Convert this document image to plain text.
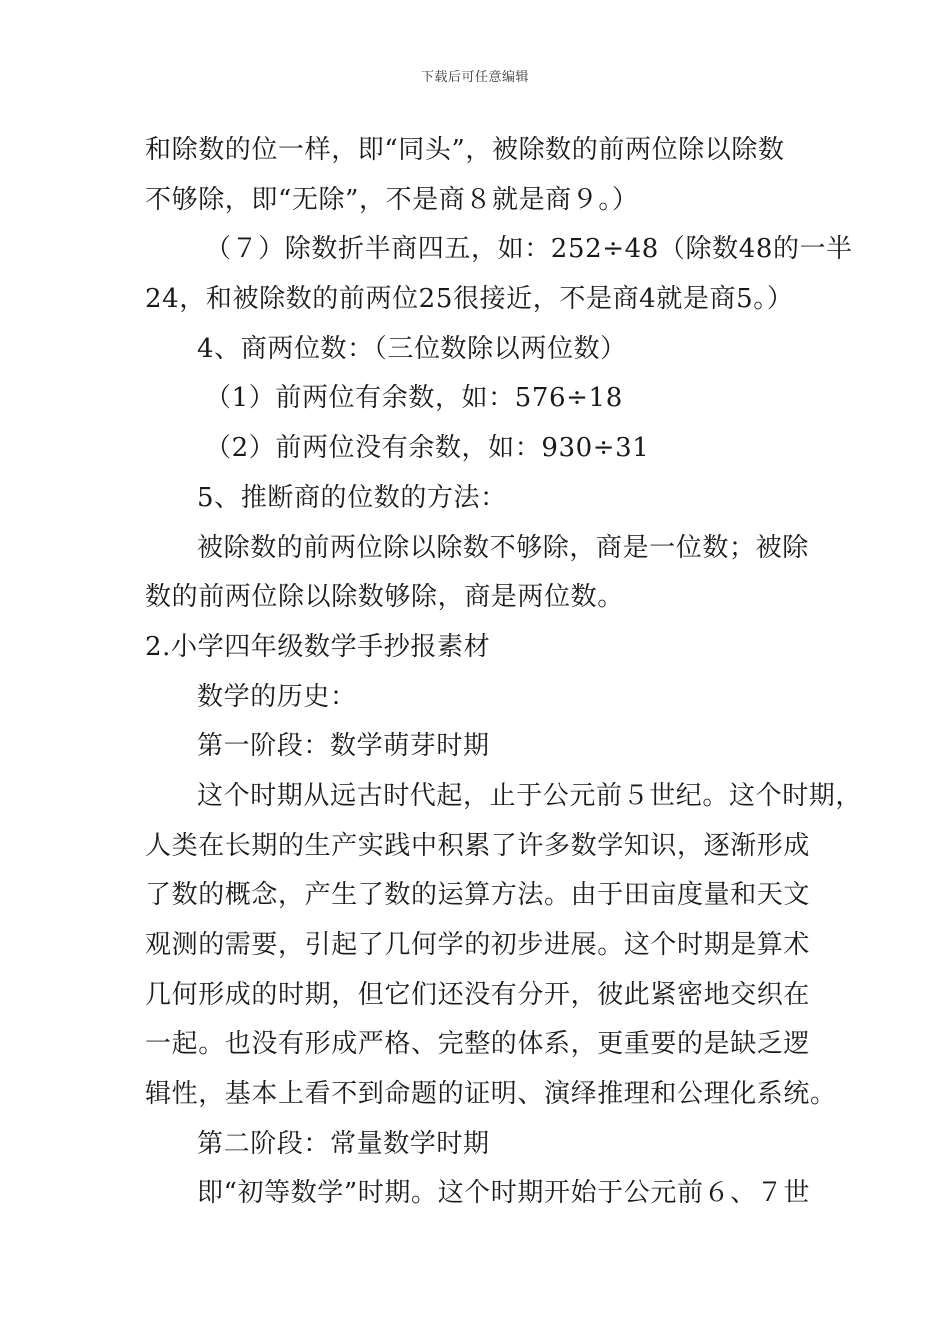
下载后可任意编辑
和除数的位一样，即“同头”，被除数的前两位除以除数
不够除，即“无除”，不是商８就是商９。）
（７）除数折半商四五，如：252÷48（除数48的一半
24，和被除数的前两位25很接近，不是商4就是商5。）
4、商两位数：（三位数除以两位数）
（1）前两位有余数，如：576÷18
（2）前两位没有余数，如：930÷31
5、推断商的位数的方法：
被除数的前两位除以除数不够除，商是一位数；被除
数的前两位除以除数够除，商是两位数。
2.小学四年级数学手抄报素材
数学的历史：
第一阶段：数学萌芽时期
这个时期从远古时代起，止于公元前５世纪。这个时期，
人类在长期的生产实践中积累了许多数学知识，逐渐形成
了数的概念，产生了数的运算方法。由于田亩度量和天文
观测的需要，引起了几何学的初步进展。这个时期是算术
几何形成的时期，但它们还没有分开，彼此紧密地交织在
一起。也没有形成严格、完整的体系，更重要的是缺乏逻
辑性，基本上看不到命题的证明、演绎推理和公理化系统。
第二阶段：常量数学时期
即“初等数学”时期。这个时期开始于公元前６、７世
